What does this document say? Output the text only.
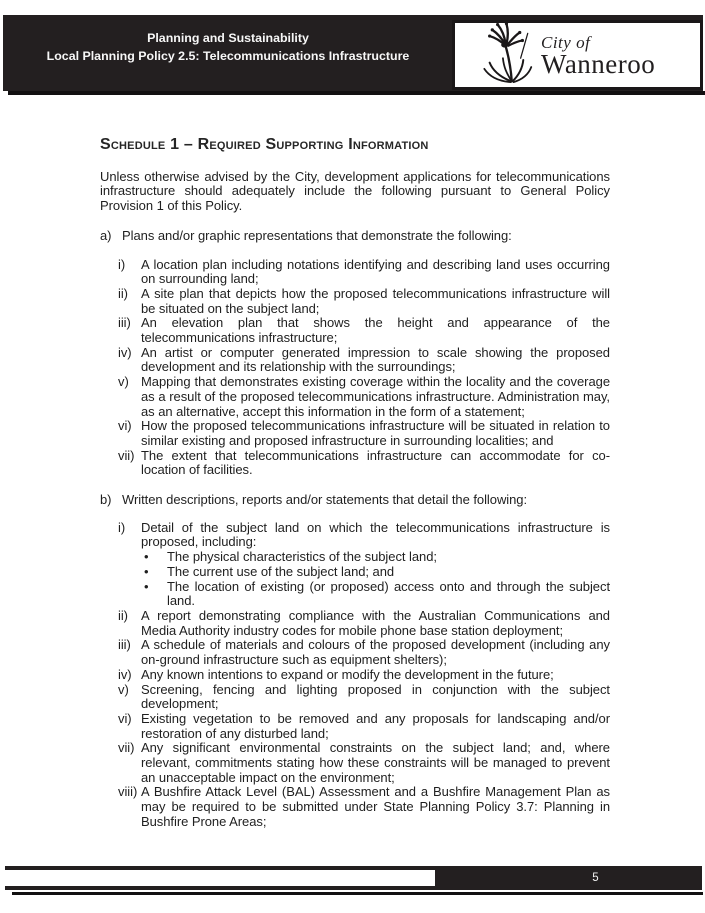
Planning and Sustainability
Local Planning Policy 2.5: Telecommunications Infrastructure
City of
Wanneroo
Schedule 1 – Required Supporting Information
Unless otherwise advised by the City, development applications for telecommunications infrastructure should adequately include the following pursuant to General Policy Provision 1 of this Policy.
a) Plans and/or graphic representations that demonstrate the following:
i)	A location plan including notations identifying and describing land uses occurring on surrounding land;
ii)	A site plan that depicts how the proposed telecommunications infrastructure will be situated on the subject land;
iii) An elevation plan that shows the height and appearance of the telecommunications infrastructure;
iv) An artist or computer generated impression to scale showing the proposed development and its relationship with the surroundings;
v) Mapping that demonstrates existing coverage within the locality and the coverage as a result of the proposed telecommunications infrastructure. Administration may, as an alternative, accept this information in the form of a statement;
vi) How the proposed telecommunications infrastructure will be situated in relation to similar existing and proposed infrastructure in surrounding localities; and
vii) The extent that telecommunications infrastructure can accommodate for co-location of facilities.
b) Written descriptions, reports and/or statements that detail the following:
i)	Detail of the subject land on which the telecommunications infrastructure is proposed, including:
•
The physical characteristics of the subject land;
•
The current use of the subject land; and
•
The location of existing (or proposed) access onto and through the subject land.
ii)	A report demonstrating compliance with the Australian Communications and Media Authority industry codes for mobile phone base station deployment;
iii) A schedule of materials and colours of the proposed development (including any on-ground infrastructure such as equipment shelters);
iv) Any known intentions to expand or modify the development in the future;
v) Screening, fencing and lighting proposed in conjunction with the subject development;
vi) Existing vegetation to be removed and any proposals for landscaping and/or restoration of any disturbed land;
vii) Any significant environmental constraints on the subject land; and, where relevant, commitments stating how these constraints will be managed to prevent an unacceptable impact on the environment;
viii) A Bushfire Attack Level (BAL) Assessment and a Bushfire Management Plan as may be required to be submitted under State Planning Policy 3.7: Planning in Bushfire Prone Areas;
5
